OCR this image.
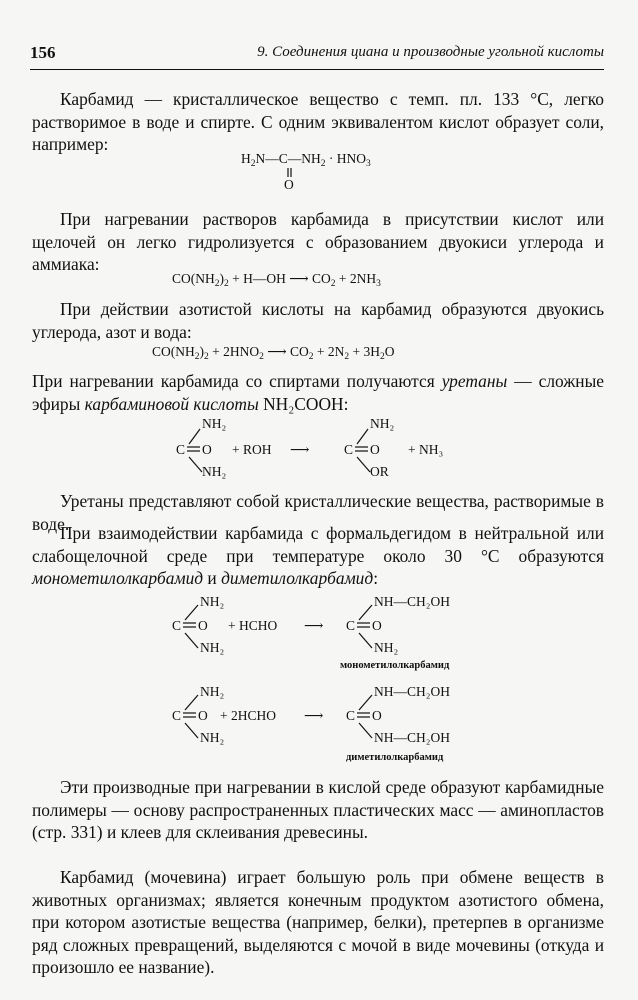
156	9. Соединения циана и производные угольной кислоты

Карбамид — кристаллическое вещество с темп. пл. 133 °С, легко растворимое в воде и спирте. С одним эквивалентом кислот образует соли, например:

$H_2N—C—NH_2 \cdot HNO_3$
O

При нагревании растворов карбамида в присутствии кислот или щелочей он легко гидролизуется с образованием двуокиси углерода и аммиака:

$CO(NH_2)_2$ + H—OH ⟶ $CO_2 + 2NH_3$

При действии азотистой кислоты на карбамид образуются двуокись углерода, азот и вода:

$CO(NH_2)_2 + 2HNO_2$ ⟶ $CO_2 + 2N_2 + 3H_2O$

При нагревании карбамида со спиртами получаются уретаны — сложные эфиры карбаминовой кислоты NH₂COOH:

NH₂
C O
NH₂
+ ROH ⟶
NH₂
C O
OR
+ NH₃

Уретаны представляют собой кристаллические вещества, растворимые в воде.

При взаимодействии карбамида с формальдегидом в нейтральной или слабощелочной среде при температуре около 30 °С образуются монометилолкарбамид и диметилолкарбамид:

NH₂
C O
NH₂
+ HCHO ⟶
NH—CH₂OH
C O
NH₂
монометилолкарбамид
NH₂
C O
NH₂
+ 2HCHO ⟶
NH—CH₂OH
C O
NH—CH₂OH
диметилолкарбамид

Эти производные при нагревании в кислой среде образуют карбамидные полимеры — основу распространенных пластических масс — аминопластов (стр. 331) и клеев для склеивания древесины.

Карбамид (мочевина) играет большую роль при обмене веществ в животных организмах; является конечным продуктом азотистого обмена, при котором азотистые вещества (например, белки), претерпев в организме ряд сложных превращений, выделяются с мочой в виде мочевины (откуда и произошло ее название).
